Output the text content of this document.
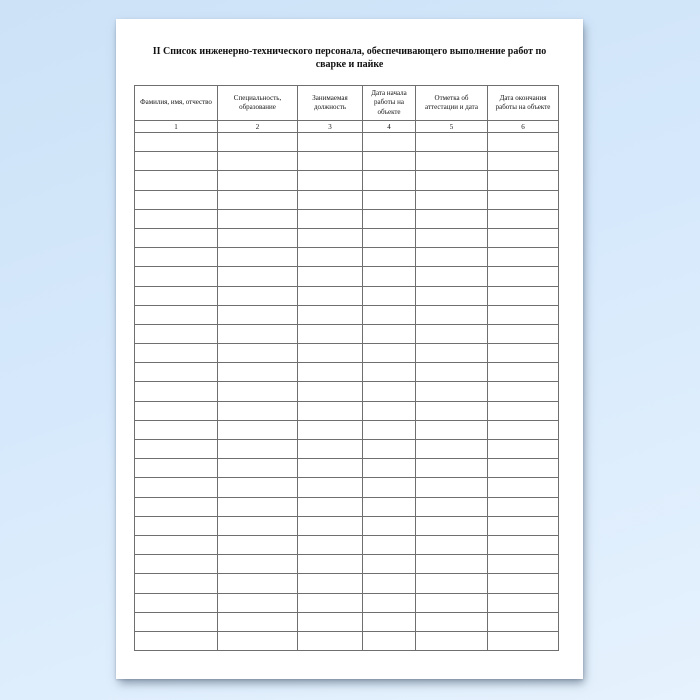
II Список инженерно-технического персонала, обеспечивающего выполнение работ по сварке и пайке
Фамилия, имя, отчество	Специальность, образование	Занимаемая должность	Дата начала работы на объекте	Отметка об аттестации и дата	Дата окончания работы на объекте
1	2	3	4	5	6
